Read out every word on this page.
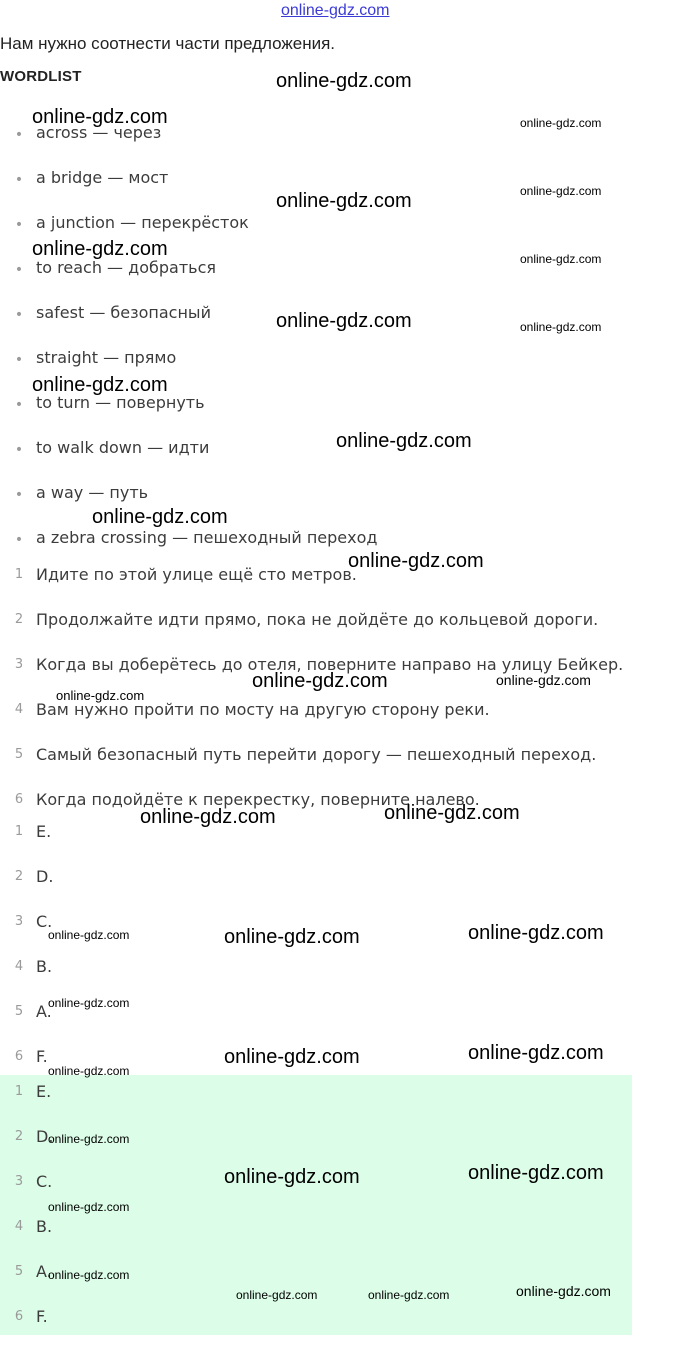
online-gdz.com
Нам нужно соотнести части предложения.
WORDLIST
• across — через
• a bridge — мост
• a junction — перекрёсток
• to reach — добраться
• safest — безопасный
• straight — прямо
• to turn — повернуть
• to walk down — идти
• a way — путь
• a zebra crossing — пешеходный переход
1 Идите по этой улице ещё сто метров.
2 Продолжайте идти прямо, пока не дойдёте до кольцевой дороги.
3 Когда вы доберётесь до отеля, поверните направо на улицу Бейкер.
4 Вам нужно пройти по мосту на другую сторону реки.
5 Самый безопасный путь перейти дорогу — пешеходный переход.
6 Когда подойдёте к перекрестку, поверните налево.
1 E.
2 D.
3 C.
4 B.
5 A.
6 F.
1 E.
2 D.
3 C.
4 B.
5 A.
6 F.
online-gdz.com
online-gdz.com	online-gdz.com
online-gdz.com
online-gdz.com
online-gdz.com	online-gdz.com
online-gdz.com	online-gdz.com
online-gdz.com
online-gdz.com
online-gdz.com
online-gdz.com
online-gdz.com	online-gdz.com
online-gdz.com
online-gdz.com	online-gdz.com
online-gdz.com	online-gdz.com	online-gdz.com
online-gdz.com
online-gdz.com	online-gdz.com
online-gdz.com
online-gdz.com
online-gdz.com	online-gdz.com
online-gdz.com
online-gdz.com
online-gdz.com	online-gdz.com	online-gdz.com
